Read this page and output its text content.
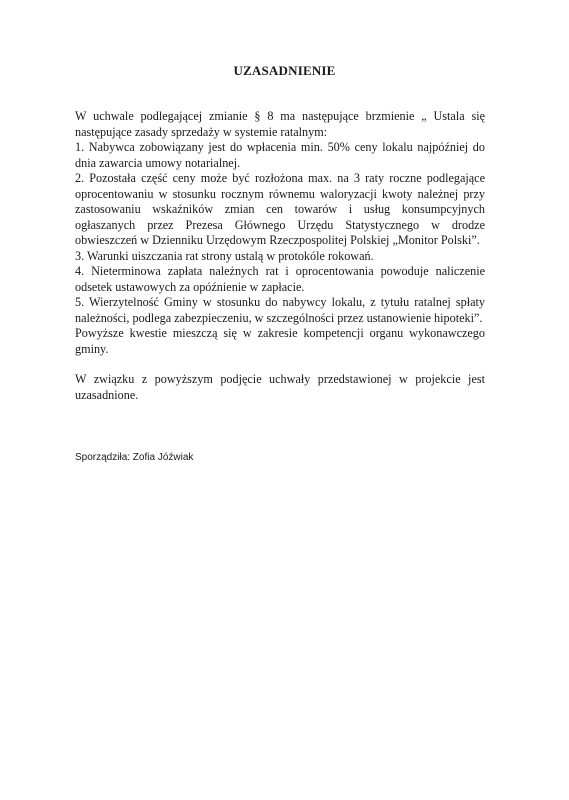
UZASADNIENIE

W uchwale podlegającej zmianie § 8 ma następujące brzmienie „ Ustala się następujące zasady sprzedaży w systemie ratalnym:

1. Nabywca zobowiązany jest do wpłacenia min. 50% ceny lokalu najpóźniej do dnia zawarcia umowy notarialnej.

2. Pozostała część ceny może być rozłożona max. na 3 raty roczne podlegające oprocentowaniu w stosunku rocznym równemu waloryzacji kwoty należnej przy zastosowaniu wskaźników zmian cen towarów i usług konsumpcyjnych ogłaszanych przez Prezesa Głównego Urzędu Statystycznego w drodze obwieszczeń w Dzienniku Urzędowym Rzeczpospolitej Polskiej „Monitor Polski”.

3. Warunki uiszczania rat strony ustalą w protokóle rokowań.

4. Nieterminowa zapłata należnych rat i oprocentowania powoduje naliczenie odsetek ustawowych za opóźnienie w zapłacie.

5. Wierzytelność Gminy w stosunku do nabywcy lokalu, z tytułu ratalnej spłaty należności, podlega zabezpieczeniu, w szczególności przez ustanowienie hipoteki”.

Powyższe kwestie mieszczą się w zakresie kompetencji organu wykonawczego gminy.

W związku z powyższym podjęcie uchwały przedstawionej w projekcie jest uzasadnione.

Sporządziła: Zofia Jóźwiak
